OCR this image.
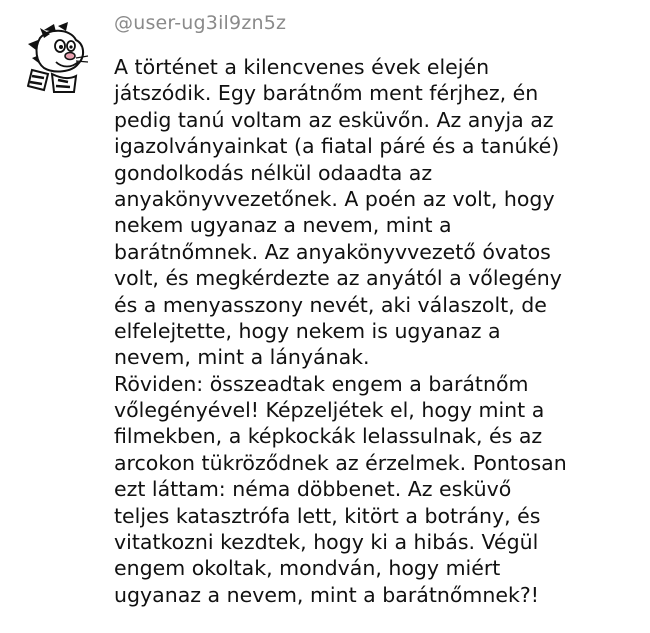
@user-ug3il9zn5z
A történet a kilencvenes évek elején
játszódik. Egy barátnőm ment férjhez, én
pedig tanú voltam az esküvőn. Az anyja az
igazolványainkat (a fiatal páré és a tanúké)
gondolkodás nélkül odaadta az
anyakönyvvezetőnek. A poén az volt, hogy
nekem ugyanaz a nevem, mint a
barátnőmnek. Az anyakönyvvezető óvatos
volt, és megkérdezte az anyától a vőlegény
és a menyasszony nevét, aki válaszolt, de
elfelejtette, hogy nekem is ugyanaz a
nevem, mint a lányának.
Röviden: összeadtak engem a barátnőm
vőlegényével! Képzeljétek el, hogy mint a
filmekben, a képkockák lelassulnak, és az
arcokon tükröződnek az érzelmek. Pontosan
ezt láttam: néma döbbenet. Az esküvő
teljes katasztrófa lett, kitört a botrány, és
vitatkozni kezdtek, hogy ki a hibás. Végül
engem okoltak, mondván, hogy miért
ugyanaz a nevem, mint a barátnőmnek?!
